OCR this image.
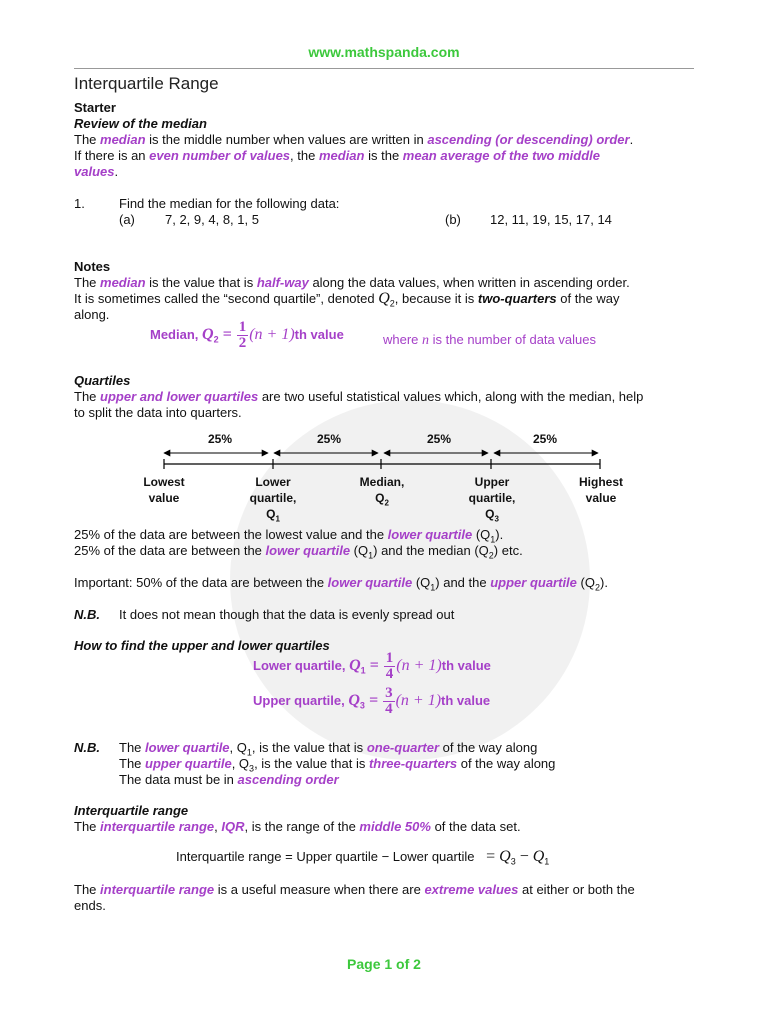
www.mathspanda.com
Interquartile Range
Starter
Review of the median
The median is the middle number when values are written in ascending (or descending) order.
If there is an even number of values, the median is the mean average of the two middle
values.
1.	Find the median for the following data:
(a) 7, 2, 9, 4, 8, 1, 5	(b) 12, 11, 19, 15, 17, 14
Notes
The median is the value that is half-way along the data values, when written in ascending order.
It is sometimes called the “second quartile”, denoted $Q_2$, because it is two-quarters of the way
along.
Median, $Q_2 = \frac{1}{2} (n + 1)th$ value	where n is the number of data values
Quartiles
The upper and lower quartiles are two useful statistical values which, along with the median, help
to split the data into quarters.
25%	25%	25%	25%
Lowest
value
Lower
quartile,
$Q_1$
Median,
$Q_2$
Upper
quartile,
$Q_3$
Highest
value
25% of the data are between the lowest value and the lower quartile $(Q_1)$.
25% of the data are between the lower quartile $(Q_1)$ and the median $(Q_2)$ etc.
Important: 50% of the data are between the lower quartile $(Q_1)$ and the upper quartile $(Q_2)$.
N.B. It does not mean though that the data is evenly spread out
How to find the upper and lower quartiles
Lower quartile, $Q_1 = \frac{1}{4} (n + 1)th$ value
Upper quartile, $Q_3 = \frac{3}{4} (n + 1)th$ value
N.B. The lower quartile, $Q_1$, is the value that is one-quarter of the way along
The upper quartile, $Q_3$, is the value that is three-quarters of the way along
The data must be in ascending order
Interquartile range
The interquartile range, IQR, is the range of the middle 50% of the data set.
Interquartile range = Upper quartile − Lower quartile = $Q_3 - Q_1$
The interquartile range is a useful measure when there are extreme values at either or both the
ends.
Page 1 of 2
